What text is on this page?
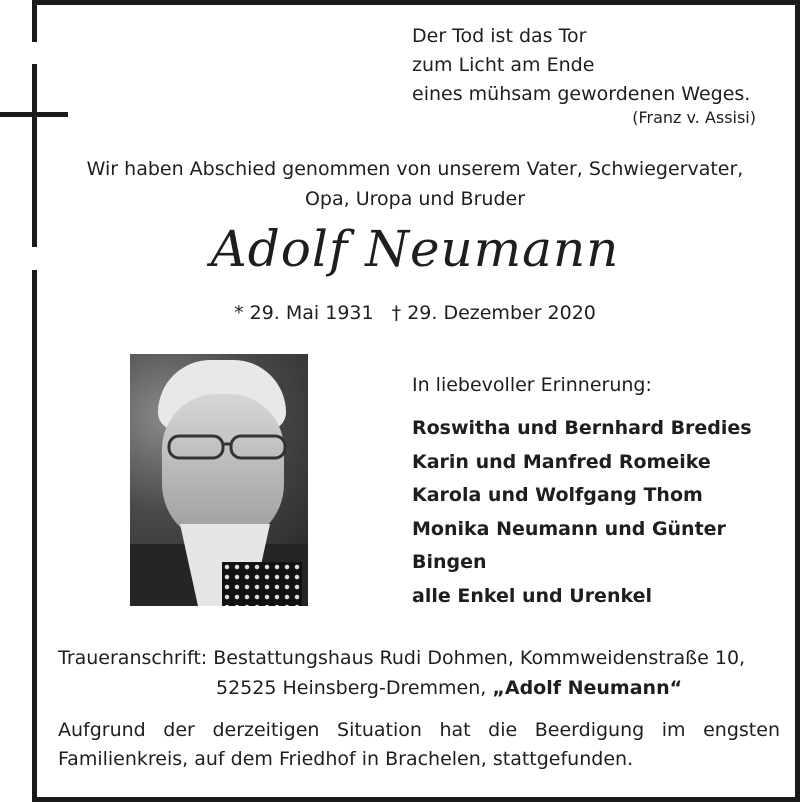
Der Tod ist das Tor
zum Licht am Ende
eines mühsam gewordenen Weges.
(Franz v. Assisi)
Wir haben Abschied genommen von unserem Vater, Schwiegervater,
Opa, Uropa und Bruder
Adolf Neumann
* 29. Mai 1931 † 29. Dezember 2020
In liebevoller Erinnerung:
Roswitha und Bernhard Bredies
Karin und Manfred Romeike
Karola und Wolfgang Thom
Monika Neumann und Günter Bingen
alle Enkel und Urenkel
Traueranschrift: Bestattungshaus Rudi Dohmen, Kommweidenstraße 10,
52525 Heinsberg-Dremmen, „Adolf Neumann“
Aufgrund der derzeitigen Situation hat die Beerdigung im engsten Familienkreis, auf dem Friedhof in Brachelen, stattgefunden.
